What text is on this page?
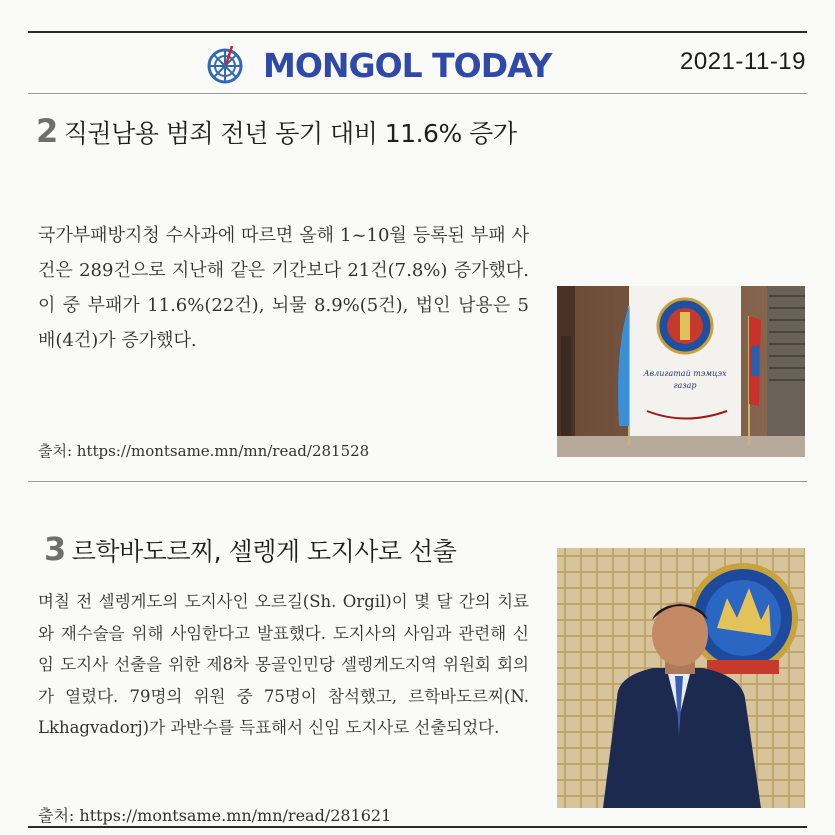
MONGOL TODAY	2021-11-19
2 직권남용 범죄 전년 동기 대비 11.6% 증가
국가부패방지청 수사과에 따르면 올해 1~10월 등록된 부패 사건은 289건으로 지난해 같은 기간보다 21건(7.8%) 증가했다. 이 중 부패가 11.6%(22건), 뇌물 8.9%(5건), 법인 남용은 5배(4건)가 증가했다.
출처: https://montsame.mn/mn/read/281528
Авлигатай тэмцэх
газар
3 르학바도르찌, 셀렝게 도지사로 선출
며칠 전 셀렝게도의 도지사인 오르길(Sh. Orgil)이 몇 달 간의 치료와 재수술을 위해 사임한다고 발표했다. 도지사의 사임과 관련해 신임 도지사 선출을 위한 제8차 몽골인민당 셀렝게도지역 위원회 회의가 열렸다. 79명의 위원 중 75명이 참석했고, 르학바도르찌(N. Lkhagvadorj)가 과반수를 득표해서 신임 도지사로 선출되었다.
출처: https://montsame.mn/mn/read/281621
